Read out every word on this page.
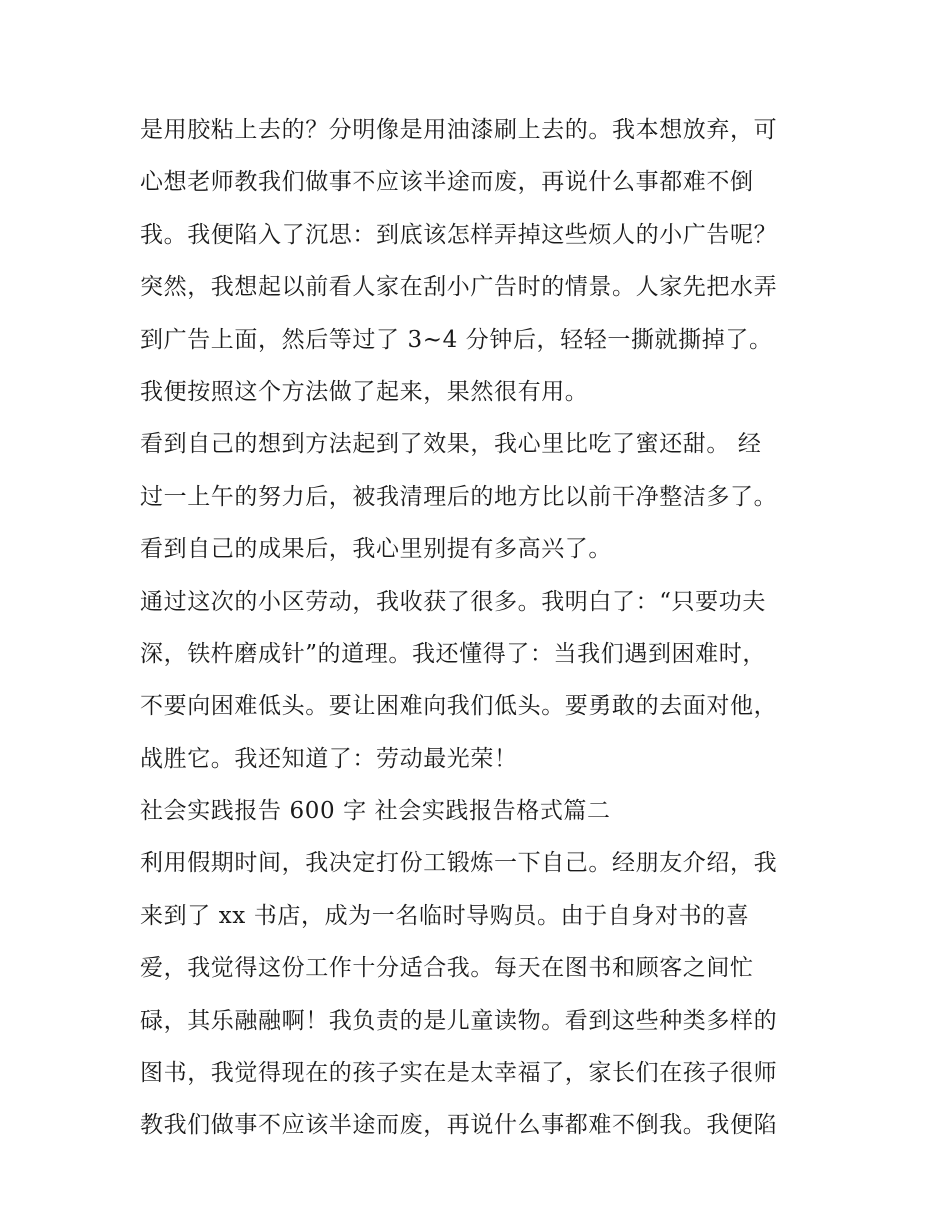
是用胶粘上去的？分明像是用油漆刷上去的。我本想放弃，可
心想老师教我们做事不应该半途而废，再说什么事都难不倒
我。我便陷入了沉思：到底该怎样弄掉这些烦人的小广告呢？
突然，我想起以前看人家在刮小广告时的情景。人家先把水弄
到广告上面，然后等过了 3~4 分钟后，轻轻一撕就撕掉了。
我便按照这个方法做了起来，果然很有用。
看到自己的想到方法起到了效果，我心里比吃了蜜还甜。 经
过一上午的努力后，被我清理后的地方比以前干净整洁多了。
看到自己的成果后，我心里别提有多高兴了。
通过这次的小区劳动，我收获了很多。我明白了：“只要功夫
深，铁杵磨成针”的道理。我还懂得了：当我们遇到困难时，
不要向困难低头。要让困难向我们低头。要勇敢的去面对他，
战胜它。我还知道了：劳动最光荣！
社会实践报告 600 字 社会实践报告格式篇二
利用假期时间，我决定打份工锻炼一下自己。经朋友介绍，我
来到了 xx 书店，成为一名临时导购员。由于自身对书的喜
爱，我觉得这份工作十分适合我。每天在图书和顾客之间忙
碌，其乐融融啊！我负责的是儿童读物。看到这些种类多样的
图书，我觉得现在的孩子实在是太幸福了，家长们在孩子很师
教我们做事不应该半途而废，再说什么事都难不倒我。我便陷
